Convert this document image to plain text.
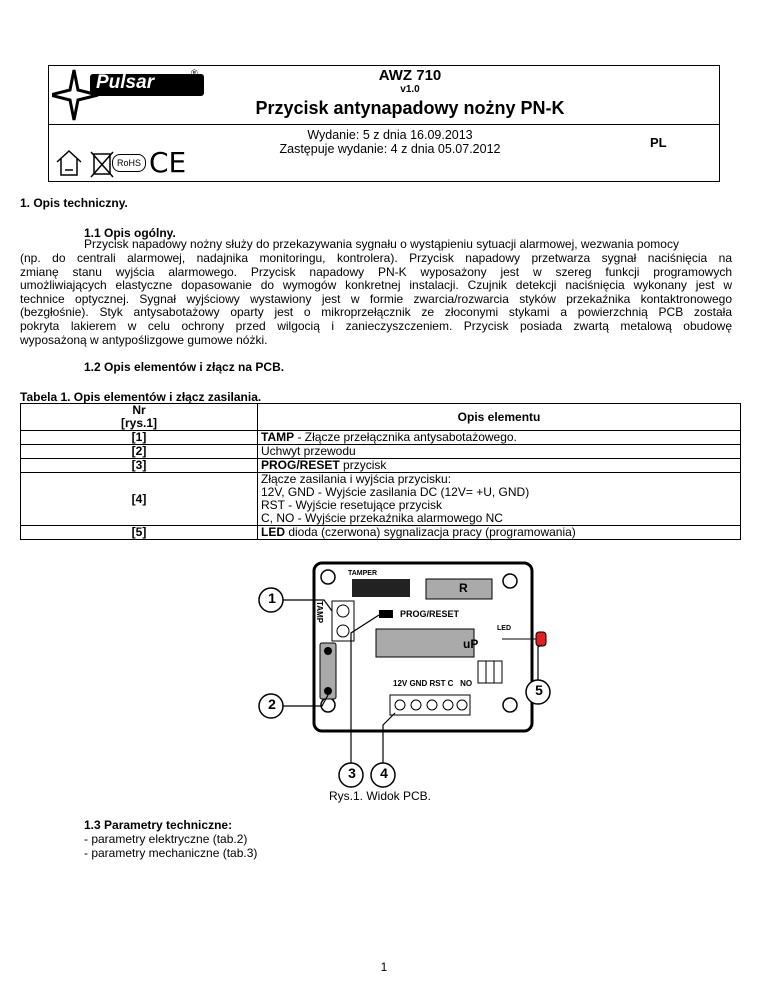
Pulsar	®	AWZ 710
v1.0
Przycisk antynapadowy nożny PN-K
Wydanie: 5 z dnia 16.09.2013
Zastępuje wydanie: 4 z dnia 05.07.2012	PL
RoHS CE
1. Opis techniczny.
1.1 Opis ogólny.
Przycisk napadowy nożny służy do przekazywania sygnału o wystąpieniu sytuacji alarmowej, wezwania pomocy
(np. do centrali alarmowej, nadajnika monitoringu, kontrolera). Przycisk napadowy przetwarza sygnał naciśnięcia na
zmianę stanu wyjścia alarmowego. Przycisk napadowy PN-K wyposażony jest w szereg funkcji programowych
umożliwiających elastyczne dopasowanie do wymogów konkretnej instalacji. Czujnik detekcji naciśnięcia wykonany jest w
technice optycznej. Sygnał wyjściowy wystawiony jest w formie zwarcia/rozwarcia styków przekaźnika kontaktronowego
(bezgłośnie). Styk antysabotażowy oparty jest o mikroprzełącznik ze złoconymi stykami a powierzchnią PCB została
pokryta lakierem w celu ochrony przed wilgocią i zanieczyszczeniem. Przycisk posiada zwartą metalową obudowę
wyposażoną w antypoślizgowe gumowe nóżki.
1.2 Opis elementów i złącz na PCB.
Tabela 1. Opis elementów i złącz zasilania.
Nr
[rys.1]	Opis elementu
[1]	TAMP - Złącze przełącznika antysabotażowego.
[2]	Uchwyt przewodu
[3]	PROG/RESET przycisk
[4]	Złącze zasilania i wyjścia przycisku:
12V, GND - Wyjście zasilania DC (12V= +U, GND)
RST - Wyjście resetujące przycisk
C, NO - Wyjście przekaźnika alarmowego NC

[5]	LED dioda (czerwona) sygnalizacja pracy (programowania)
TAMPER
TAMP
R
PROG/RESET
uP
LED
12V GND RST C   NO
1
2
3	4
5
Rys.1. Widok PCB.
1.3 Parametry techniczne:
- parametry elektryczne (tab.2)
- parametry mechaniczne (tab.3)
1
